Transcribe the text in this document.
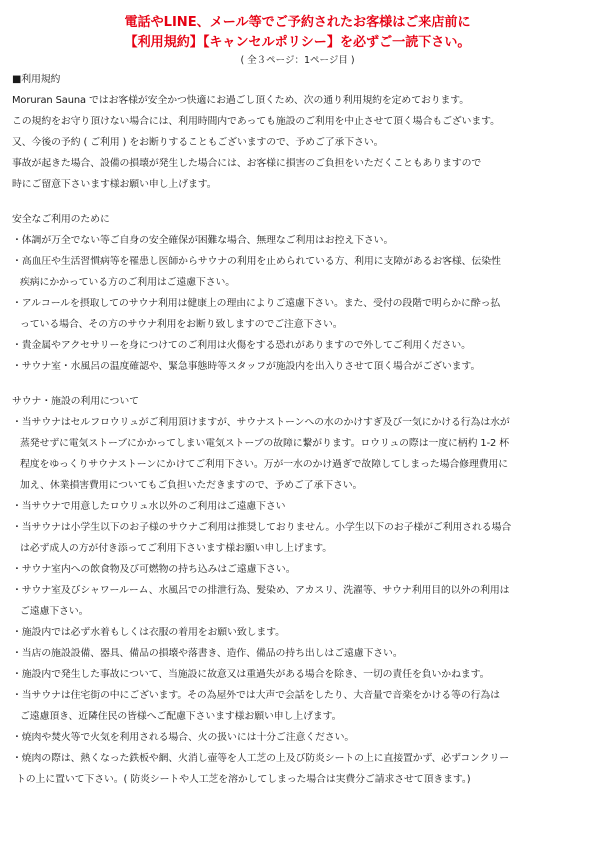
電話やLINE、メール等でご予約されたお客様はご来店前に
【利用規約】【キャンセルポリシー】を必ずご一読下さい。
( 全３ページ：1ページ目 )
■利用規約
Moruran Sauna ではお客様が安全かつ快適にお過ごし頂くため、次の通り利用規約を定めております。
この規約をお守り頂けない場合には、利用時間内であっても施設のご利用を中止させて頂く場合もございます。
又、今後の予約 ( ご利用 ) をお断りすることもございますので、予めご了承下さい。
事故が起きた場合、設備の損壊が発生した場合には、お客様に損害のご負担をいただくこともありますので
時にご留意下さいます様お願い申し上げます。
安全なご利用のために
・体調が万全でない等ご自身の安全確保が困難な場合、無理なご利用はお控え下さい。
・高血圧や生活習慣病等を罹患し医師からサウナの利用を止められている方、利用に支障があるお客様、伝染性
疾病にかかっている方のご利用はご遠慮下さい。
・アルコールを摂取してのサウナ利用は健康上の理由によりご遠慮下さい。また、受付の段階で明らかに酔っ払
っている場合、その方のサウナ利用をお断り致しますのでご注意下さい。
・貴金属やアクセサリーを身につけてのご利用は火傷をする恐れがありますので外してご利用ください。
・サウナ室・水風呂の温度確認や、緊急事態時等スタッフが施設内を出入りさせて頂く場合がございます。
サウナ・施設の利用について
・当サウナはセルフロウリュがご利用頂けますが、サウナストーンへの水のかけすぎ及び一気にかける行為は水が
蒸発せずに電気ストーブにかかってしまい電気ストーブの故障に繋がります。ロウリュの際は一度に柄杓 1-2 杯
程度をゆっくりサウナストーンにかけてご利用下さい。万が一水のかけ過ぎで故障してしまった場合修理費用に
加え、休業損害費用についてもご負担いただきますので、予めご了承下さい。
・当サウナで用意したロウリュ水以外のご利用はご遠慮下さい
・当サウナは小学生以下のお子様のサウナご利用は推奨しておりません。小学生以下のお子様がご利用される場合
は必ず成人の方が付き添ってご利用下さいます様お願い申し上げます。
・サウナ室内への飲食物及び可燃物の持ち込みはご遠慮下さい。
・サウナ室及びシャワールーム、水風呂での排泄行為、髪染め、アカスリ、洗濯等、サウナ利用目的以外の利用は
ご遠慮下さい。
・施設内では必ず水着もしくは衣服の着用をお願い致します。
・当店の施設設備、器具、備品の損壊や落書き、造作、備品の持ち出しはご遠慮下さい。
・施設内で発生した事故について、当施設に故意又は重過失がある場合を除き、一切の責任を負いかねます。
・当サウナは住宅街の中にございます。その為屋外では大声で会話をしたり、大音量で音楽をかける等の行為は
ご遠慮頂き、近隣住民の皆様へご配慮下さいます様お願い申し上げます。
・焼肉や焚火等で火気を利用される場合、火の扱いには十分ご注意ください。
・焼肉の際は、熱くなった鉄板や網、火消し壷等を人工芝の上及び防炎シートの上に直接置かず、必ずコンクリー
トの上に置いて下さい。( 防炎シートや人工芝を溶かしてしまった場合は実費分ご請求させて頂きます。)
